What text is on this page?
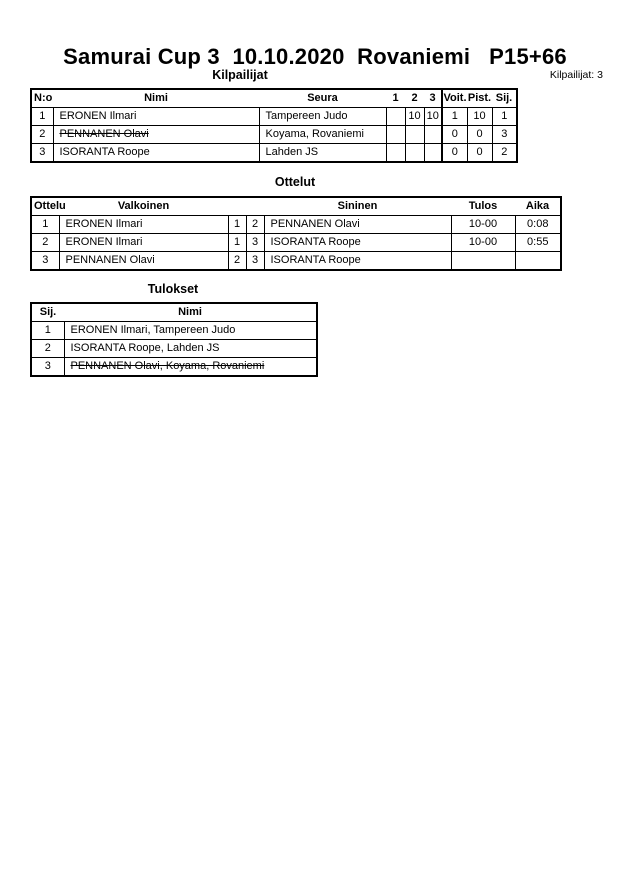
Samurai Cup 3  10.10.2020  Rovaniemi   P15+66
Kilpailijat	Kilpailijat: 3
N:o	Nimi	Seura	1	2	3	Voit.	Pist.	Sij.
1	ERONEN Ilmari	Tampereen Judo		10	10	1	10	1
2	PENNANEN Olavi	Koyama, Rovaniemi				0	0	3
3	ISORANTA Roope	Lahden JS				0	0	2
Ottelut
Ottelu	Valkoinen			Sininen	Tulos	Aika
1	ERONEN Ilmari	1	2	PENNANEN Olavi	10-00	0:08
2	ERONEN Ilmari	1	3	ISORANTA Roope	10-00	0:55
3	PENNANEN Olavi	2	3	ISORANTA Roope		
Tulokset
Sij.	Nimi
1	ERONEN Ilmari, Tampereen Judo
2	ISORANTA Roope, Lahden JS
3	PENNANEN Olavi, Koyama, Rovaniemi
